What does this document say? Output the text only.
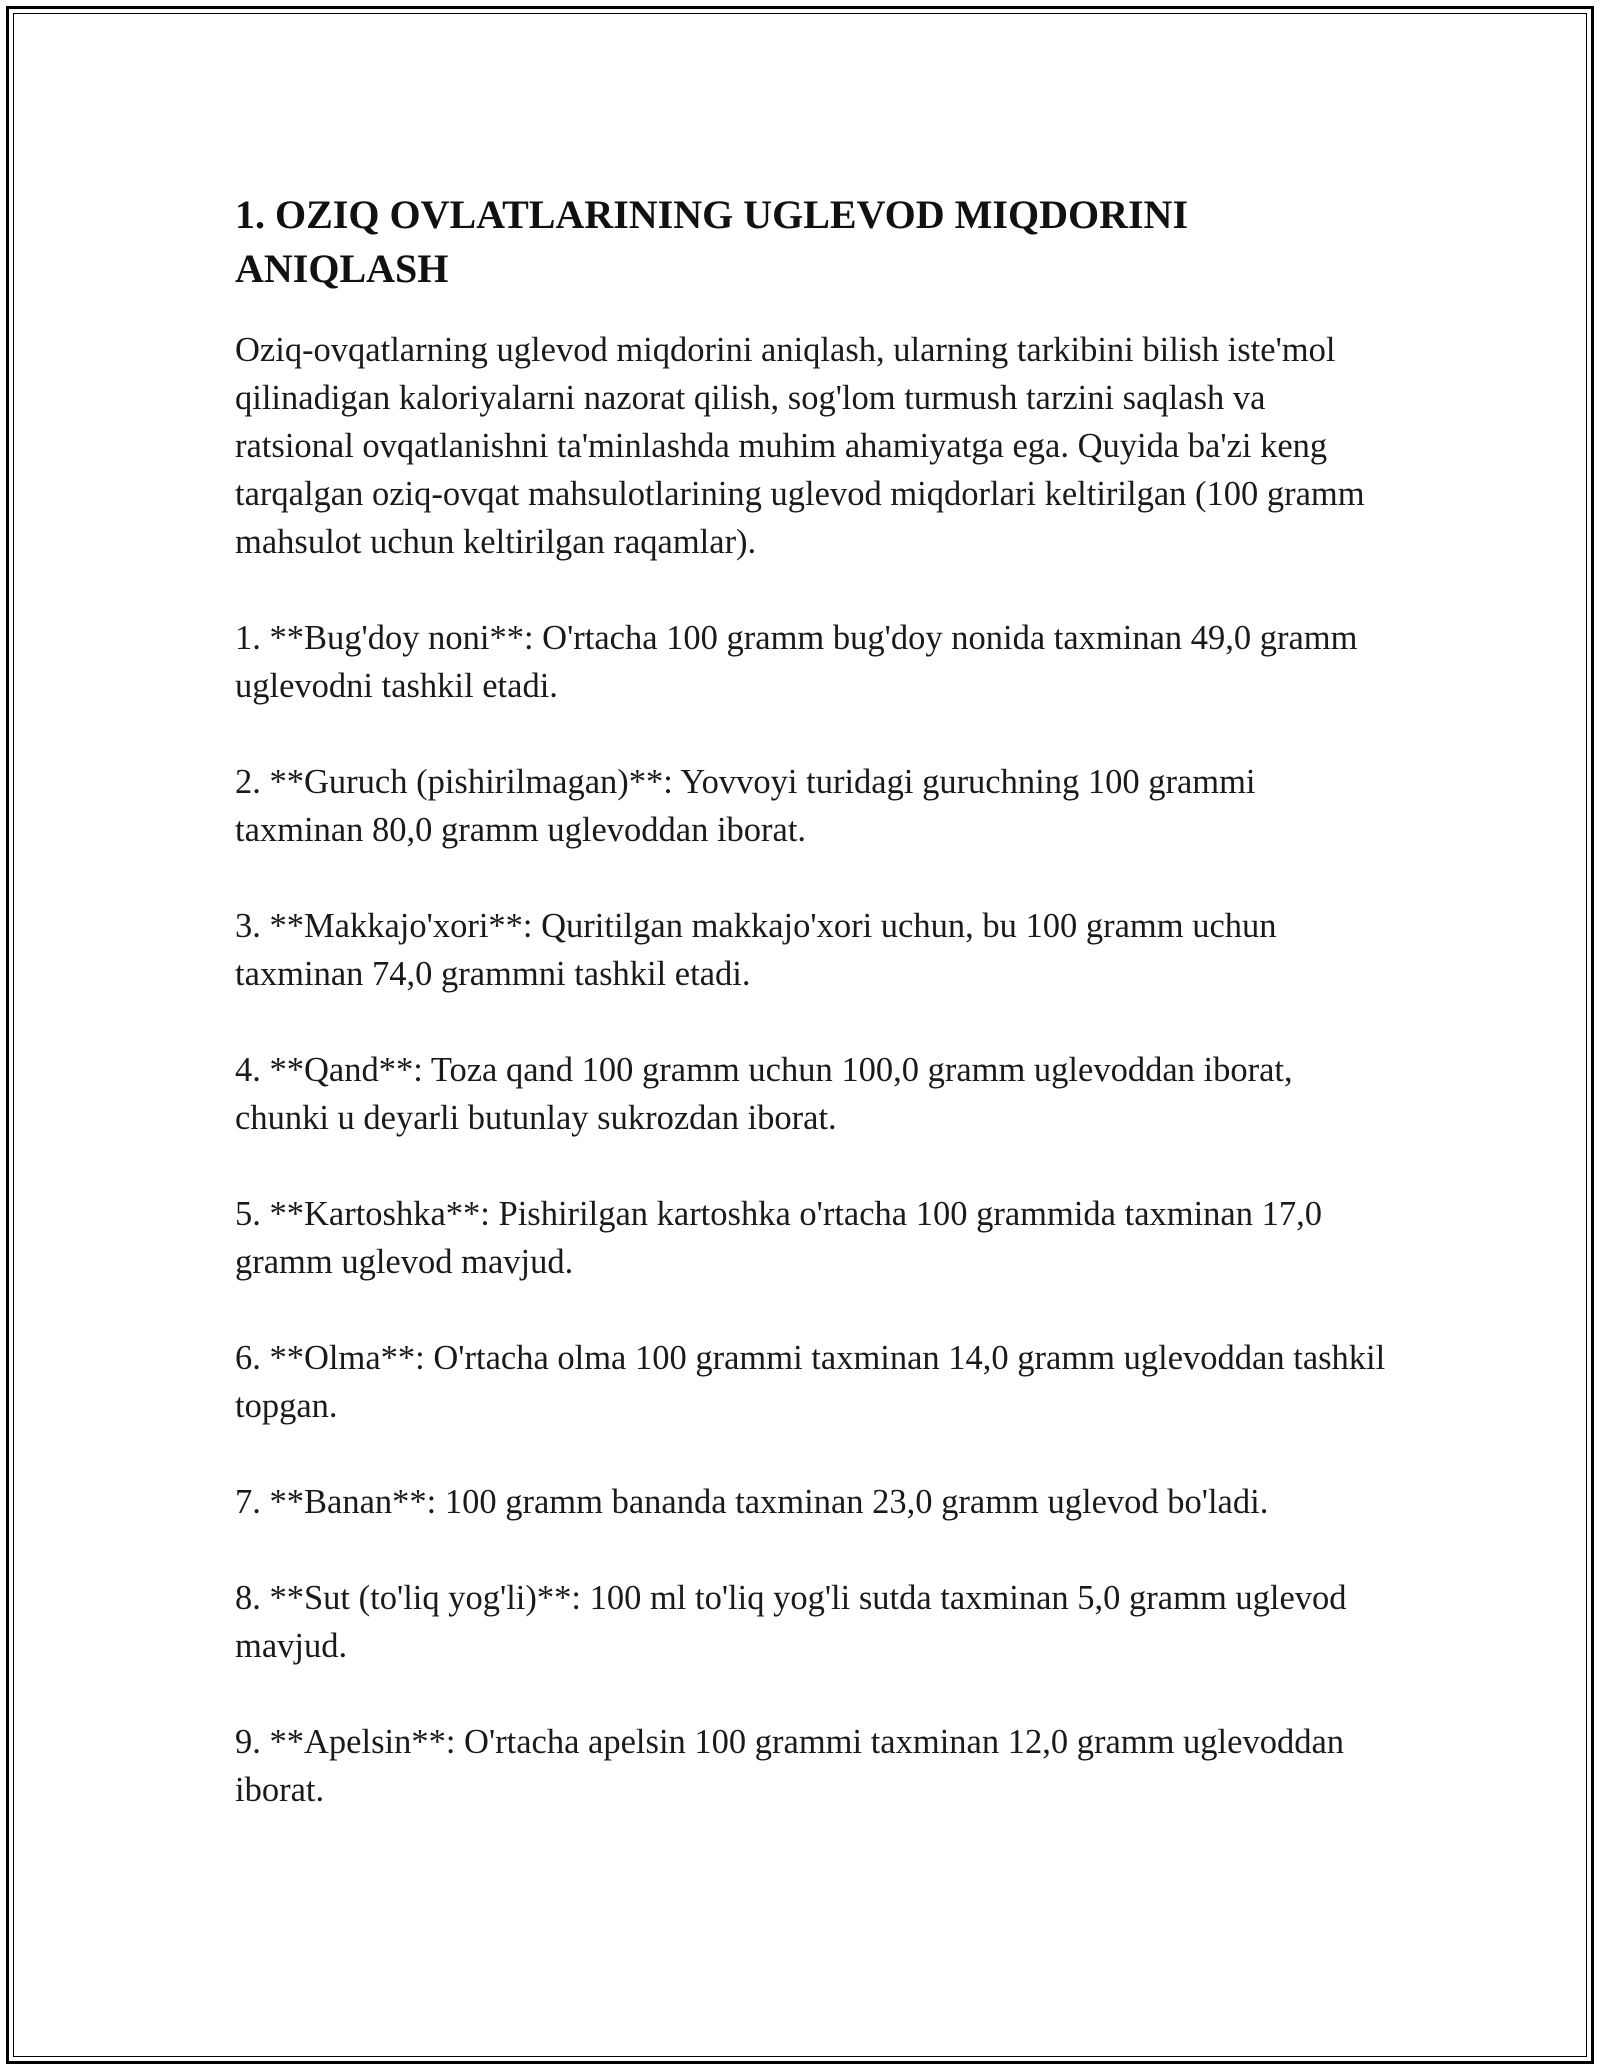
1. OZIQ OVLATLARINING UGLEVOD MIQDORINI ANIQLASH

Oziq-ovqatlarning uglevod miqdorini aniqlash, ularning tarkibini bilish iste'mol qilinadigan kaloriyalarni nazorat qilish, sog'lom turmush tarzini saqlash va ratsional ovqatlanishni ta'minlashda muhim ahamiyatga ega. Quyida ba'zi keng tarqalgan oziq-ovqat mahsulotlarining uglevod miqdorlari keltirilgan (100 gramm mahsulot uchun keltirilgan raqamlar).

1. **Bug'doy noni**: O'rtacha 100 gramm bug'doy nonida taxminan 49,0 gramm uglevodni tashkil etadi.

2. **Guruch (pishirilmagan)**: Yovvoyi turidagi guruchning 100 grammi taxminan 80,0 gramm uglevoddan iborat.

3. **Makkajo'xori**: Quritilgan makkajo'xori uchun, bu 100 gramm uchun taxminan 74,0 grammni tashkil etadi.

4. **Qand**: Toza qand 100 gramm uchun 100,0 gramm uglevoddan iborat, chunki u deyarli butunlay sukrozdan iborat.

5. **Kartoshka**: Pishirilgan kartoshka o'rtacha 100 grammida taxminan 17,0 gramm uglevod mavjud.

6. **Olma**: O'rtacha olma 100 grammi taxminan 14,0 gramm uglevoddan tashkil topgan.

7. **Banan**: 100 gramm bananda taxminan 23,0 gramm uglevod bo'ladi.

8. **Sut (to'liq yog'li)**: 100 ml to'liq yog'li sutda taxminan 5,0 gramm uglevod mavjud.

9. **Apelsin**: O'rtacha apelsin 100 grammi taxminan 12,0 gramm uglevoddan iborat.
